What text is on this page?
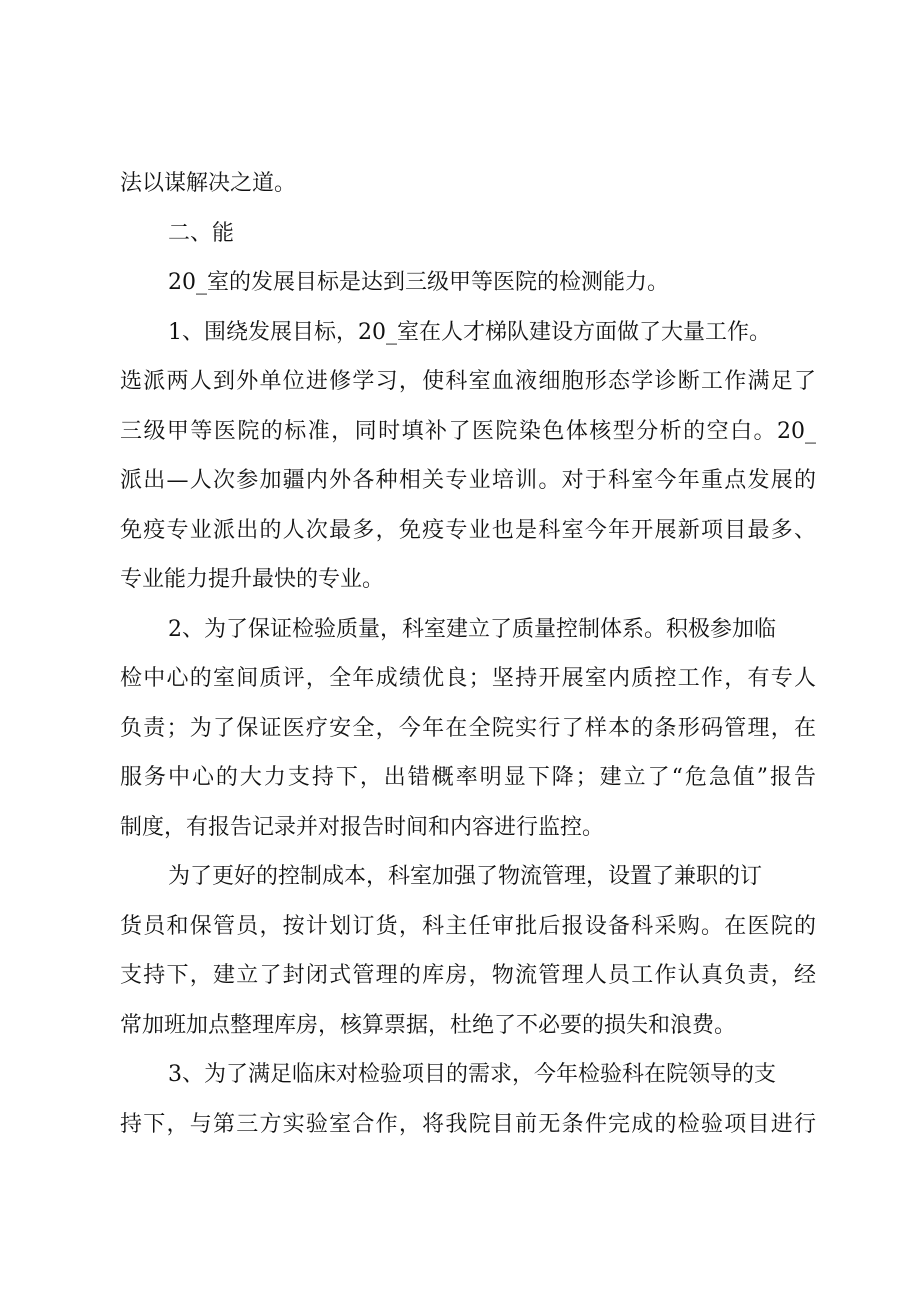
法以谋解决之道。
二、能
20_室的发展目标是达到三级甲等医院的检测能力。
1、围绕发展目标，20_室在人才梯队建设方面做了大量工作。
选派两人到外单位进修学习，使科室血液细胞形态学诊断工作满足了
三级甲等医院的标准，同时填补了医院染色体核型分析的空白。20_
派出—人次参加疆内外各种相关专业培训。对于科室今年重点发展的
免疫专业派出的人次最多，免疫专业也是科室今年开展新项目最多、
专业能力提升最快的专业。
2、为了保证检验质量，科室建立了质量控制体系。积极参加临
检中心的室间质评，全年成绩优良；坚持开展室内质控工作，有专人
负责；为了保证医疗安全，今年在全院实行了样本的条形码管理，在
服务中心的大力支持下，出错概率明显下降；建立了“危急值”报告
制度，有报告记录并对报告时间和内容进行监控。
为了更好的控制成本，科室加强了物流管理，设置了兼职的订
货员和保管员，按计划订货，科主任审批后报设备科采购。在医院的
支持下，建立了封闭式管理的库房，物流管理人员工作认真负责，经
常加班加点整理库房，核算票据，杜绝了不必要的损失和浪费。
3、为了满足临床对检验项目的需求，今年检验科在院领导的支
持下，与第三方实验室合作，将我院目前无条件完成的检验项目进行
